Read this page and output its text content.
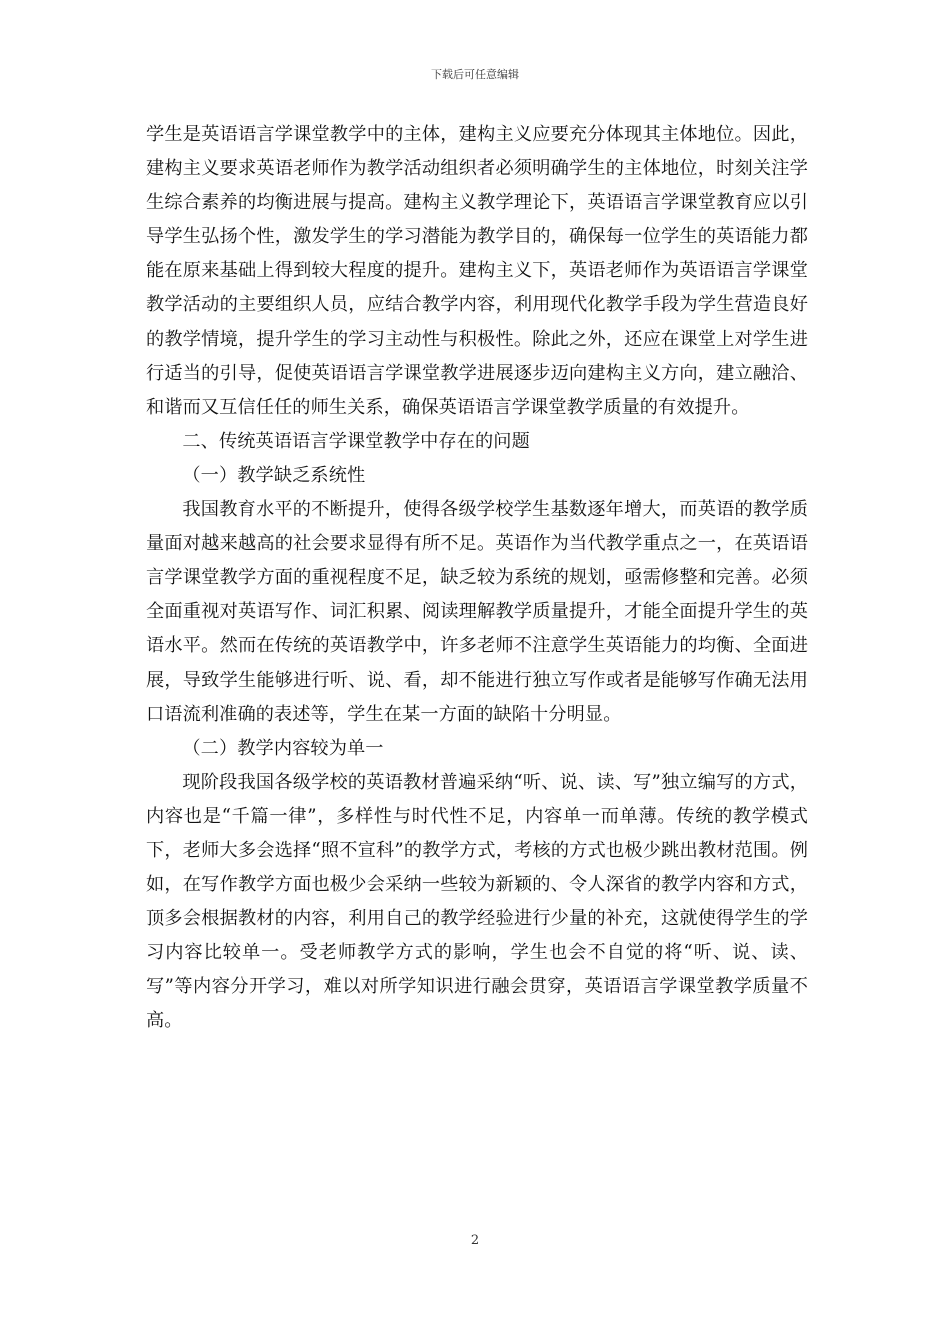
下载后可任意编辑

学生是英语语言学课堂教学中的主体，建构主义应要充分体现其主体地位。因此，建构主义要求英语老师作为教学活动组织者必须明确学生的主体地位，时刻关注学生综合素养的均衡进展与提高。建构主义教学理论下，英语语言学课堂教育应以引导学生弘扬个性，激发学生的学习潜能为教学目的，确保每一位学生的英语能力都能在原来基础上得到较大程度的提升。建构主义下，英语老师作为英语语言学课堂教学活动的主要组织人员，应结合教学内容，利用现代化教学手段为学生营造良好的教学情境，提升学生的学习主动性与积极性。除此之外，还应在课堂上对学生进行适当的引导，促使英语语言学课堂教学进展逐步迈向建构主义方向，建立融洽、和谐而又互信任任的师生关系，确保英语语言学课堂教学质量的有效提升。

二、传统英语语言学课堂教学中存在的问题

（一）教学缺乏系统性

我国教育水平的不断提升，使得各级学校学生基数逐年增大，而英语的教学质量面对越来越高的社会要求显得有所不足。英语作为当代教学重点之一，在英语语言学课堂教学方面的重视程度不足，缺乏较为系统的规划，亟需修整和完善。必须全面重视对英语写作、词汇积累、阅读理解教学质量提升，才能全面提升学生的英语水平。然而在传统的英语教学中，许多老师不注意学生英语能力的均衡、全面进展，导致学生能够进行听、说、看，却不能进行独立写作或者是能够写作确无法用口语流利准确的表述等，学生在某一方面的缺陷十分明显。

（二）教学内容较为单一

现阶段我国各级学校的英语教材普遍采纳“听、说、读、写”独立编写的方式，内容也是“千篇一律”，多样性与时代性不足，内容单一而单薄。传统的教学模式下，老师大多会选择“照不宣科”的教学方式，考核的方式也极少跳出教材范围。例如，在写作教学方面也极少会采纳一些较为新颖的、令人深省的教学内容和方式，顶多会根据教材的内容，利用自己的教学经验进行少量的补充，这就使得学生的学习内容比较单一。受老师教学方式的影响，学生也会不自觉的将“听、说、读、写”等内容分开学习，难以对所学知识进行融会贯穿，英语语言学课堂教学质量不高。

2
